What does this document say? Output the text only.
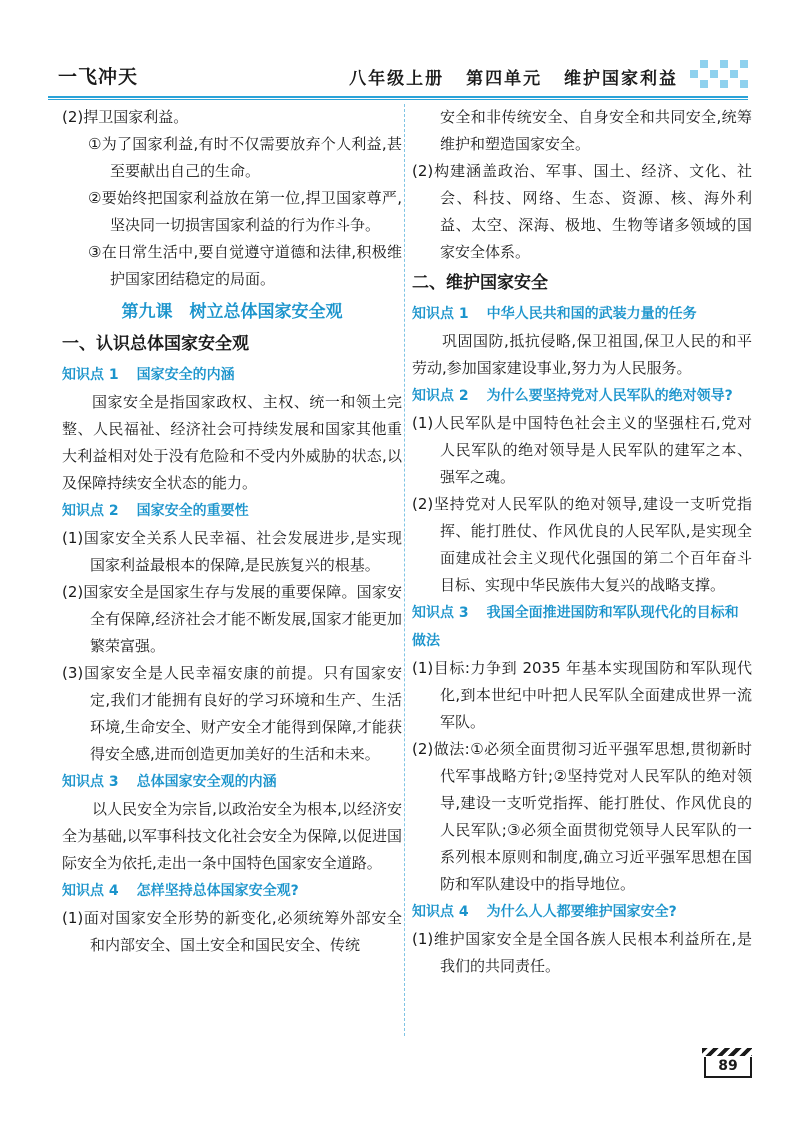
一飞冲天	八年级上册 第四单元 维护国家利益

(2)捍卫国家利益。

①为了国家利益,有时不仅需要放弃个人利益,甚至要献出自己的生命。

②要始终把国家利益放在第一位,捍卫国家尊严,坚决同一切损害国家利益的行为作斗争。

③在日常生活中,要自觉遵守道德和法律,积极维护国家团结稳定的局面。

第九课　树立总体国家安全观
一、认识总体国家安全观
知识点 1 国家安全的内涵

国家安全是指国家政权、主权、统一和领土完整、人民福祉、经济社会可持续发展和国家其他重大利益相对处于没有危险和不受内外威胁的状态,以及保障持续安全状态的能力。

知识点 2 国家安全的重要性

(1)国家安全关系人民幸福、社会发展进步,是实现国家利益最根本的保障,是民族复兴的根基。

(2)国家安全是国家生存与发展的重要保障。国家安全有保障,经济社会才能不断发展,国家才能更加繁荣富强。

(3)国家安全是人民幸福安康的前提。只有国家安定,我们才能拥有良好的学习环境和生产、生活环境,生命安全、财产安全才能得到保障,才能获得安全感,进而创造更加美好的生活和未来。

知识点 3 总体国家安全观的内涵

以人民安全为宗旨,以政治安全为根本,以经济安全为基础,以军事科技文化社会安全为保障,以促进国际安全为依托,走出一条中国特色国家安全道路。

知识点 4 怎样坚持总体国家安全观?

(1)面对国家安全形势的新变化,必须统筹外部安全和内部安全、国土安全和国民安全、传统

安全和非传统安全、自身安全和共同安全,统筹维护和塑造国家安全。

(2)构建涵盖政治、军事、国土、经济、文化、社会、科技、网络、生态、资源、核、海外利益、太空、深海、极地、生物等诸多领域的国家安全体系。

二、维护国家安全
知识点 1 中华人民共和国的武装力量的任务

巩固国防,抵抗侵略,保卫祖国,保卫人民的和平劳动,参加国家建设事业,努力为人民服务。

知识点 2 为什么要坚持党对人民军队的绝对领导?

(1)人民军队是中国特色社会主义的坚强柱石,党对人民军队的绝对领导是人民军队的建军之本、强军之魂。

(2)坚持党对人民军队的绝对领导,建设一支听党指挥、能打胜仗、作风优良的人民军队,是实现全面建成社会主义现代化强国的第二个百年奋斗目标、实现中华民族伟大复兴的战略支撑。

知识点 3 我国全面推进国防和军队现代化的目标和做法

(1)目标:力争到 2035 年基本实现国防和军队现代化,到本世纪中叶把人民军队全面建成世界一流军队。

(2)做法:①必须全面贯彻习近平强军思想,贯彻新时代军事战略方针;②坚持党对人民军队的绝对领导,建设一支听党指挥、能打胜仗、作风优良的人民军队;③必须全面贯彻党领导人民军队的一系列根本原则和制度,确立习近平强军思想在国防和军队建设中的指导地位。

知识点 4 为什么人人都要维护国家安全?

(1)维护国家安全是全国各族人民根本利益所在,是我们的共同责任。

89
